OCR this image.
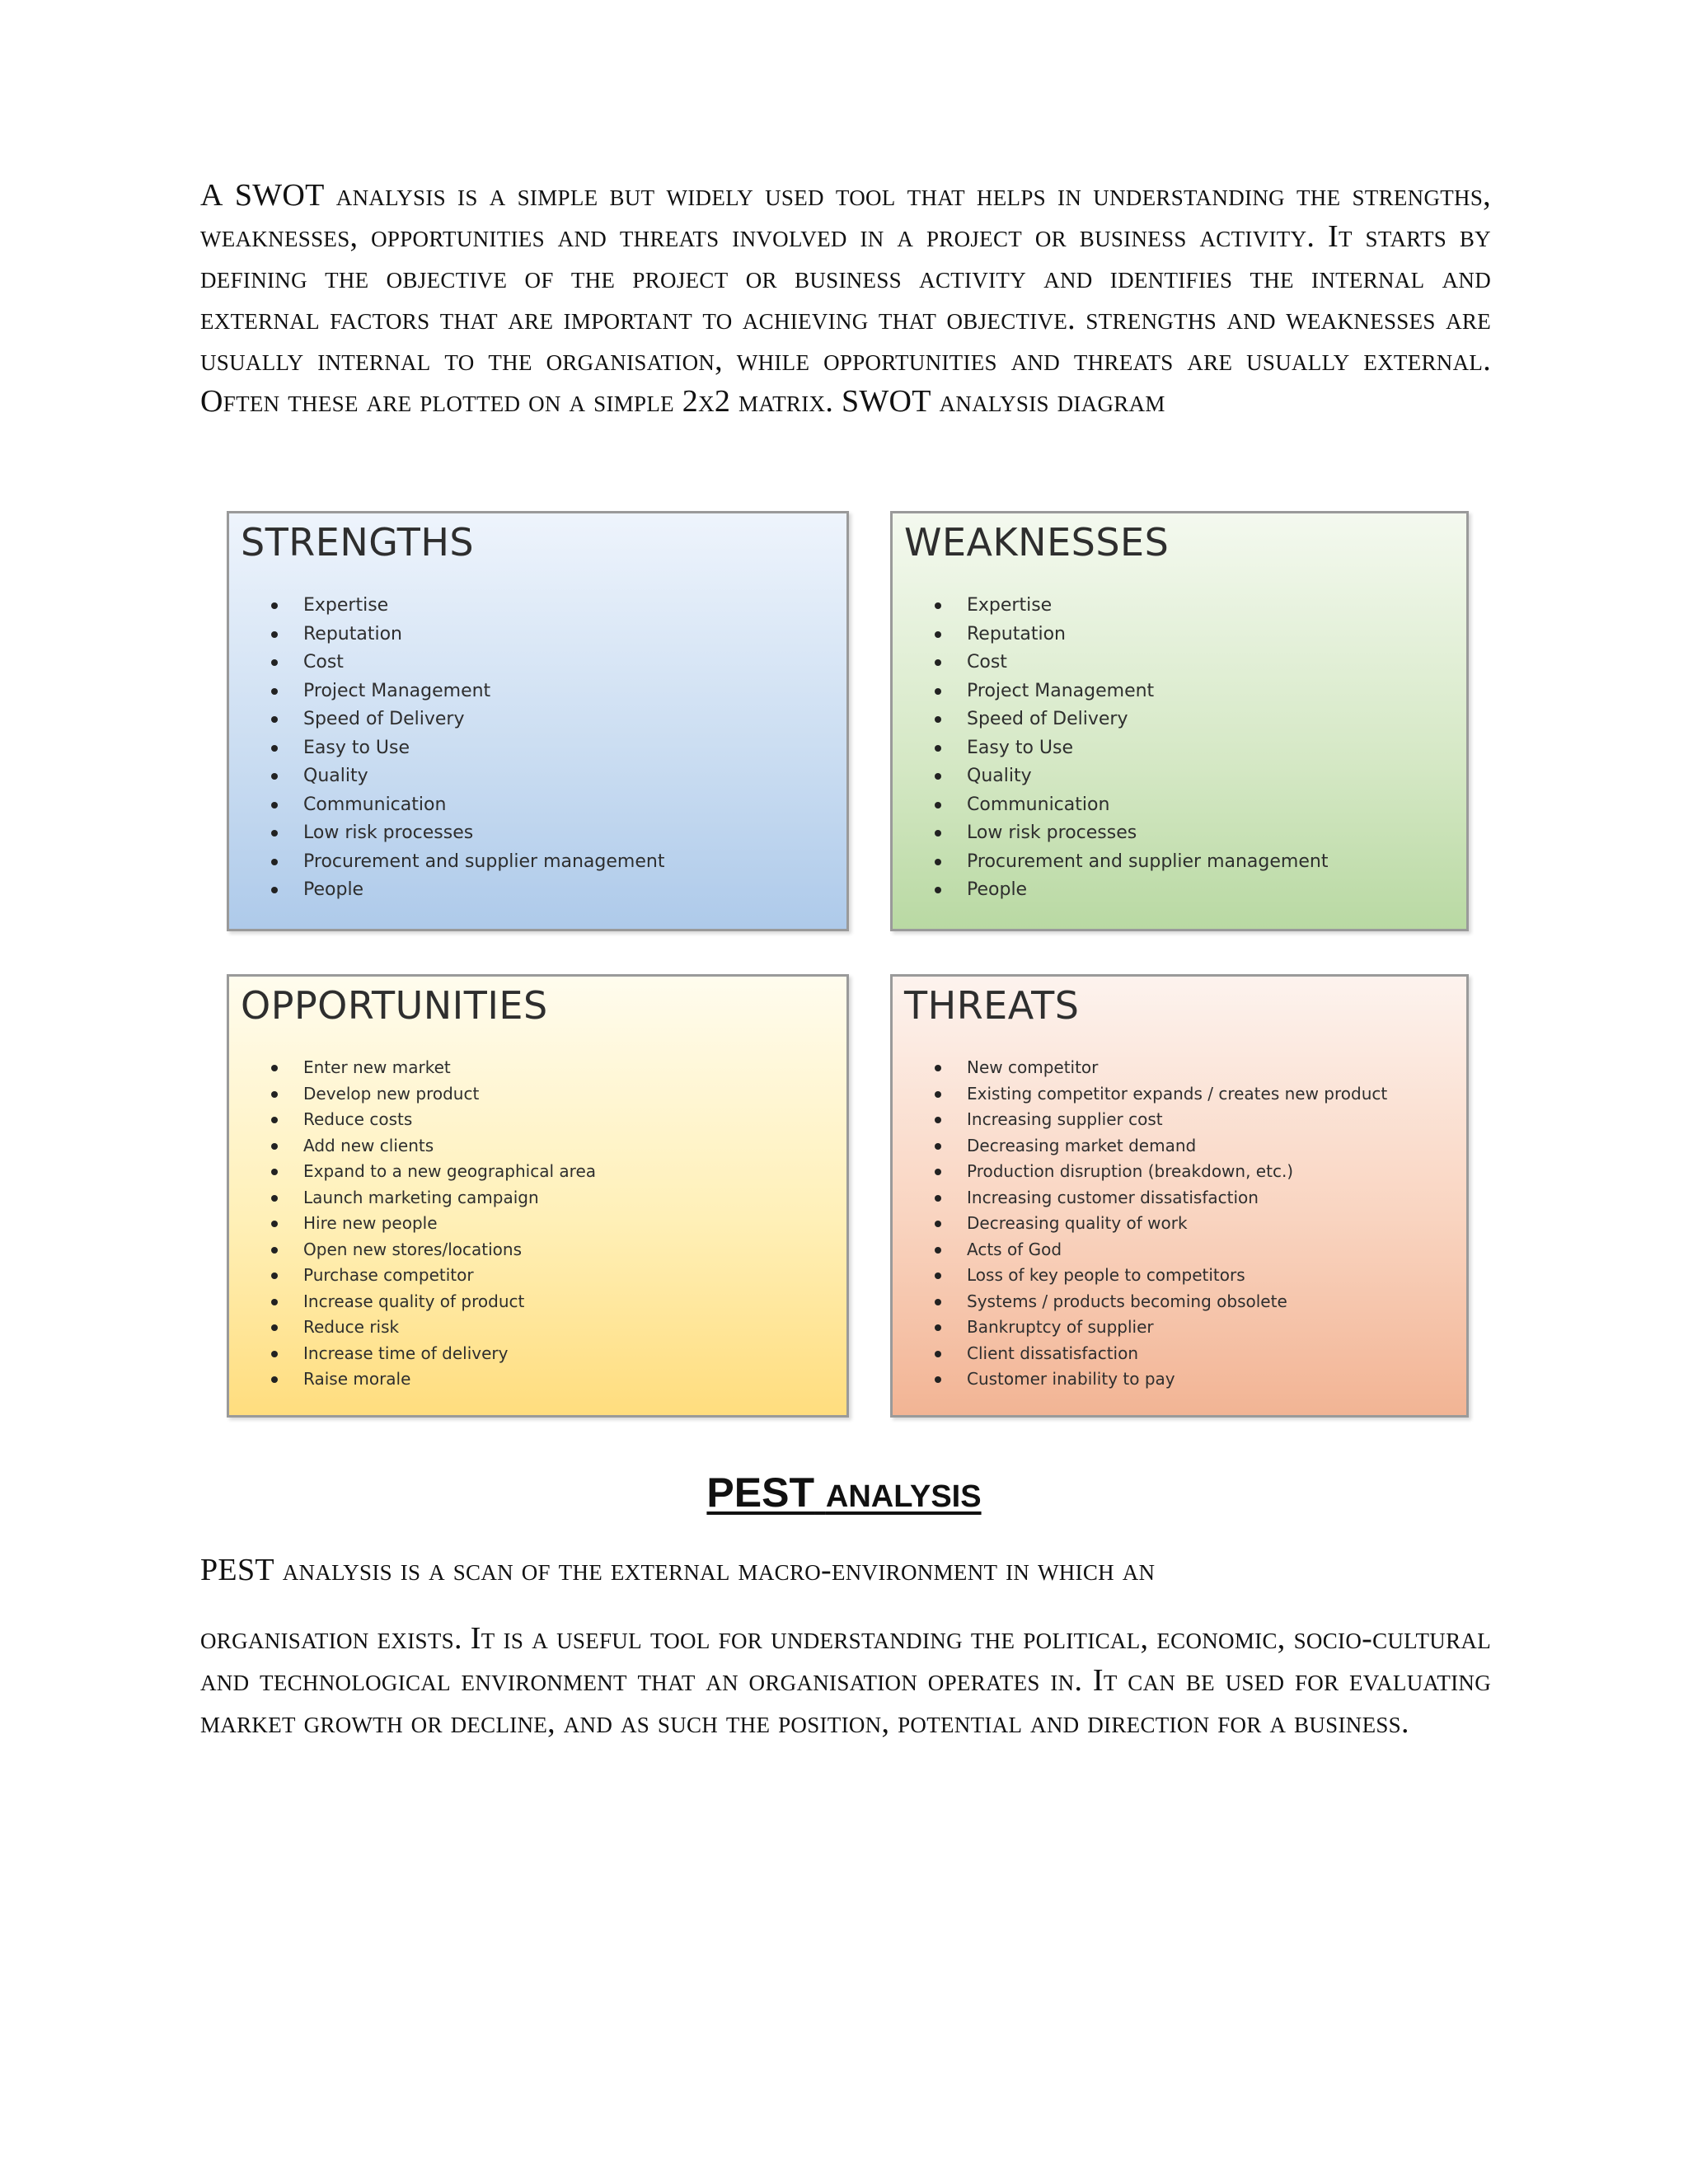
A SWOT analysis is a simple but widely used tool that helps in understanding the strengths, weaknesses, opportunities and threats involved in a project or business activity. It starts by defining the objective of the project or business activity and identifies the internal and external factors that are important to achieving that objective. strengths and weaknesses are usually internal to the organisation, while opportunities and threats are usually external. Often these are plotted on a simple 2x2 matrix. SWOT analysis diagram

STRENGTHS
Expertise
Reputation
Cost
Project Management
Speed of Delivery
Easy to Use
Quality
Communication
Low risk processes
Procurement and supplier management
People
WEAKNESSES
Expertise
Reputation
Cost
Project Management
Speed of Delivery
Easy to Use
Quality
Communication
Low risk processes
Procurement and supplier management
People
OPPORTUNITIES
Enter new market
Develop new product
Reduce costs
Add new clients
Expand to a new geographical area
Launch marketing campaign
Hire new people
Open new stores/locations
Purchase competitor
Increase quality of product
Reduce risk
Increase time of delivery
Raise morale
THREATS
New competitor
Existing competitor expands / creates new product
Increasing supplier cost
Decreasing market demand
Production disruption (breakdown, etc.)
Increasing customer dissatisfaction
Decreasing quality of work
Acts of God
Loss of key people to competitors
Systems / products becoming obsolete
Bankruptcy of supplier
Client dissatisfaction
Customer inability to pay
PEST ANALYSIS

PEST analysis is a scan of the external macro-environment in which an

organisation exists. It is a useful tool for understanding the political, economic, socio-cultural and technological environment that an organisation operates in. It can be used for evaluating market growth or decline, and as such the position, potential and direction for a business.
